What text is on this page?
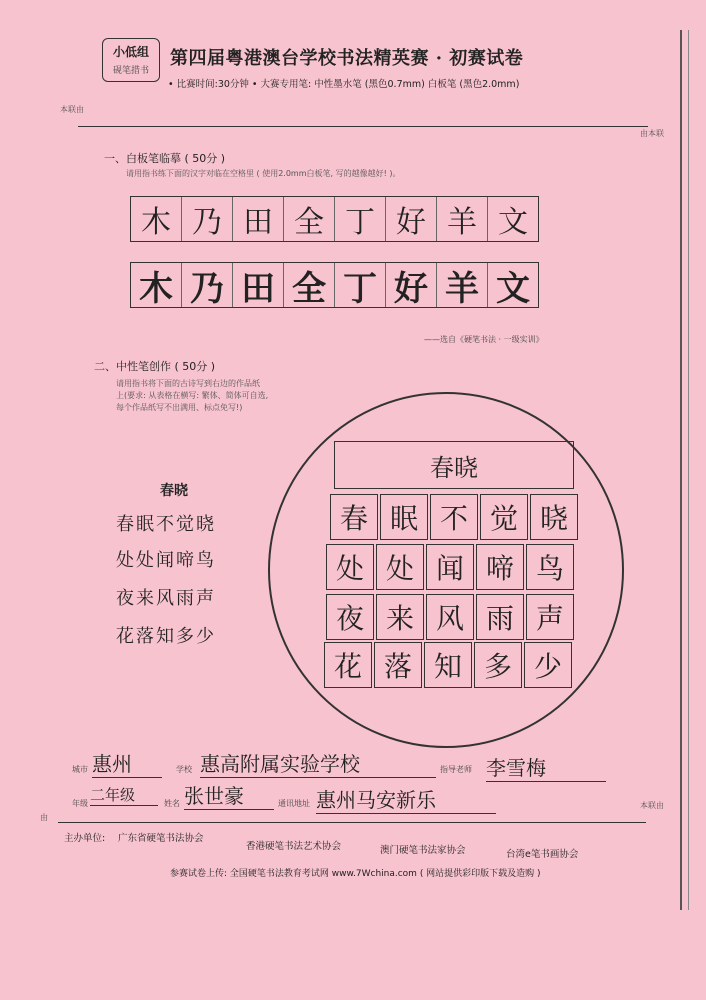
小低组
砚笔措书
第四届粤港澳台学校书法精英赛 · 初赛试卷
• 比赛时间:30分钟 • 大赛专用笔: 中性墨水笔 (黑色0.7mm) 白板笔 (黑色2.0mm)
本联由
由本联
一、白板笔临摹 ( 50分 )
请用指书练下面的汉字对临在空格里 ( 使用2.0mm白板笔, 写的越像越好! )。
木 乃 田 全 丁 好 羊 文
木 乃 田 全 丁 好 羊 文
——选自《硬笔书法 · 一级实训》
二、中性笔创作 ( 50分 )
请用指书将下面的古诗写到右边的作品纸
上(要求: 从表格在横写: 繁体、简体可自选,
每个作品纸写不出满用、标点免写!)
春晓
春眠不觉晓
处处闻啼鸟
夜来风雨声
花落知多少
春晓
春 眠 不 觉 晓
处 处 闻 啼 鸟
夜 来 风 雨 声
花 落 知 多 少
城市 惠州	学校 惠高附属实验学校	指导老师 李雪梅
年级 二年级	姓名 张世豪	通讯地址 惠州马安新乐	本联由
由
主办单位: 广东省硬笔书法协会
香港硬笔书法艺术协会	澳门硬笔书法家协会	台湾e笔书画协会
参赛试卷上传: 全国硬笔书法教育考试网 www.7Wchina.com ( 网站提供彩印版下载及造购 )
